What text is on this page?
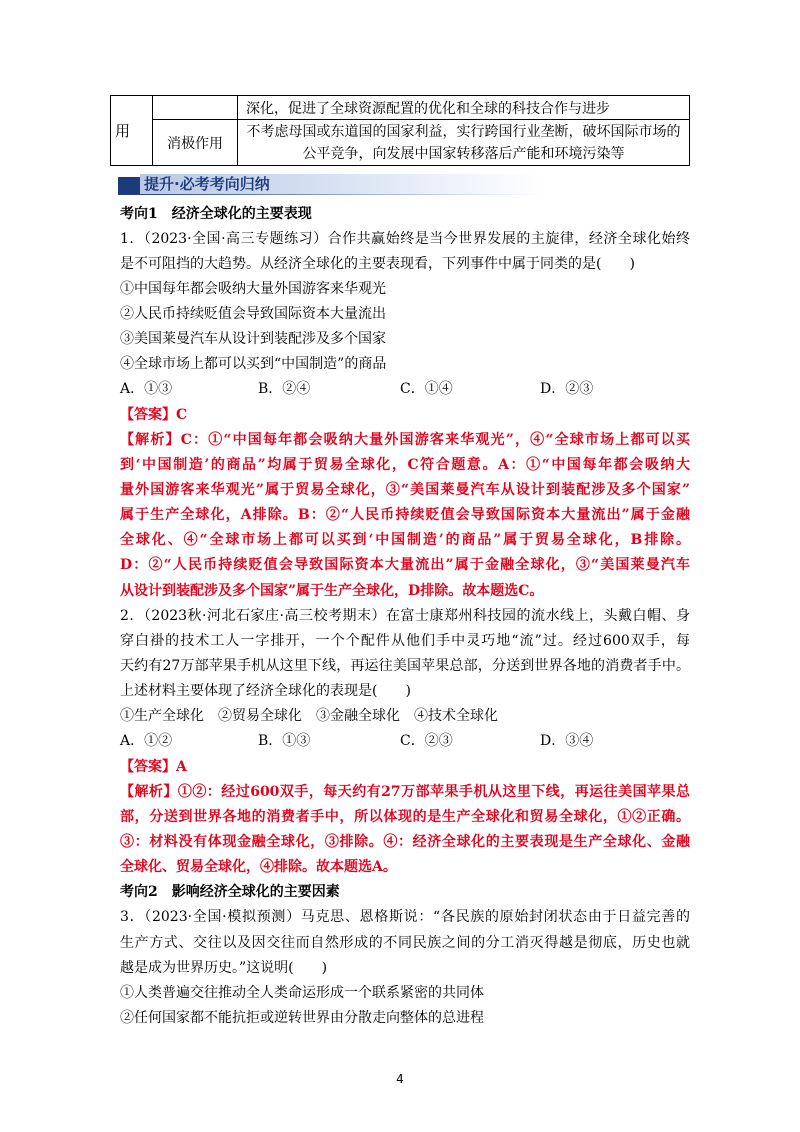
用		深化，促进了全球资源配置的优化和全球的科技合作与进步
	消极作用	不考虑母国或东道国的国家利益，实行跨国行业垄断，破坏国际市场的
公平竞争，向发展中国家转移落后产能和环境污染等
提升·必考考向归纳
考向1　经济全球化的主要表现
1．（2023·全国·高三专题练习）合作共赢始终是当今世界发展的主旋律，经济全球化始终
是不可阻挡的大趋势。从经济全球化的主要表现看，下列事件中属于同类的是(　　)
①中国每年都会吸纳大量外国游客来华观光
②人民币持续贬值会导致国际资本大量流出
③美国莱曼汽车从设计到装配涉及多个国家
④全球市场上都可以买到“中国制造”的商品
A．①③	B．②④	C．①④	D．②③
【答案】C
【解析】C：①“中国每年都会吸纳大量外国游客来华观光”，④“全球市场上都可以买
到‘中国制造’的商品”均属于贸易全球化，C符合题意。A：①“中国每年都会吸纳大
量外国游客来华观光”属于贸易全球化，③“美国莱曼汽车从设计到装配涉及多个国家”
属于生产全球化，A排除。B：②“人民币持续贬值会导致国际资本大量流出”属于金融
全球化、④“全球市场上都可以买到‘中国制造’的商品”属于贸易全球化，B排除。
D：②“人民币持续贬值会导致国际资本大量流出”属于金融全球化，③“美国莱曼汽车
从设计到装配涉及多个国家”属于生产全球化，D排除。故本题选C。
2．（2023秋·河北石家庄·高三校考期末）在富士康郑州科技园的流水线上，头戴白帽、身
穿白褂的技术工人一字排开，一个个配件从他们手中灵巧地“流”过。经过600双手，每
天约有27万部苹果手机从这里下线，再运往美国苹果总部，分送到世界各地的消费者手中。
上述材料主要体现了经济全球化的表现是(　　)
①生产全球化　②贸易全球化　③金融全球化　④技术全球化
A．①②	B．①③	C．②③	D．③④
【答案】A
【解析】①②：经过600双手，每天约有27万部苹果手机从这里下线，再运往美国苹果总
部，分送到世界各地的消费者手中，所以体现的是生产全球化和贸易全球化，①②正确。
③：材料没有体现金融全球化，③排除。④：经济全球化的主要表现是生产全球化、金融
全球化、贸易全球化，④排除。故本题选A。
考向2　影响经济全球化的主要因素
3．（2023·全国·模拟预测）马克思、恩格斯说：“各民族的原始封闭状态由于日益完善的
生产方式、交往以及因交往而自然形成的不同民族之间的分工消灭得越是彻底，历史也就
越是成为世界历史。”这说明(　　)
①人类普遍交往推动全人类命运形成一个联系紧密的共同体
②任何国家都不能抗拒或逆转世界由分散走向整体的总进程
4
